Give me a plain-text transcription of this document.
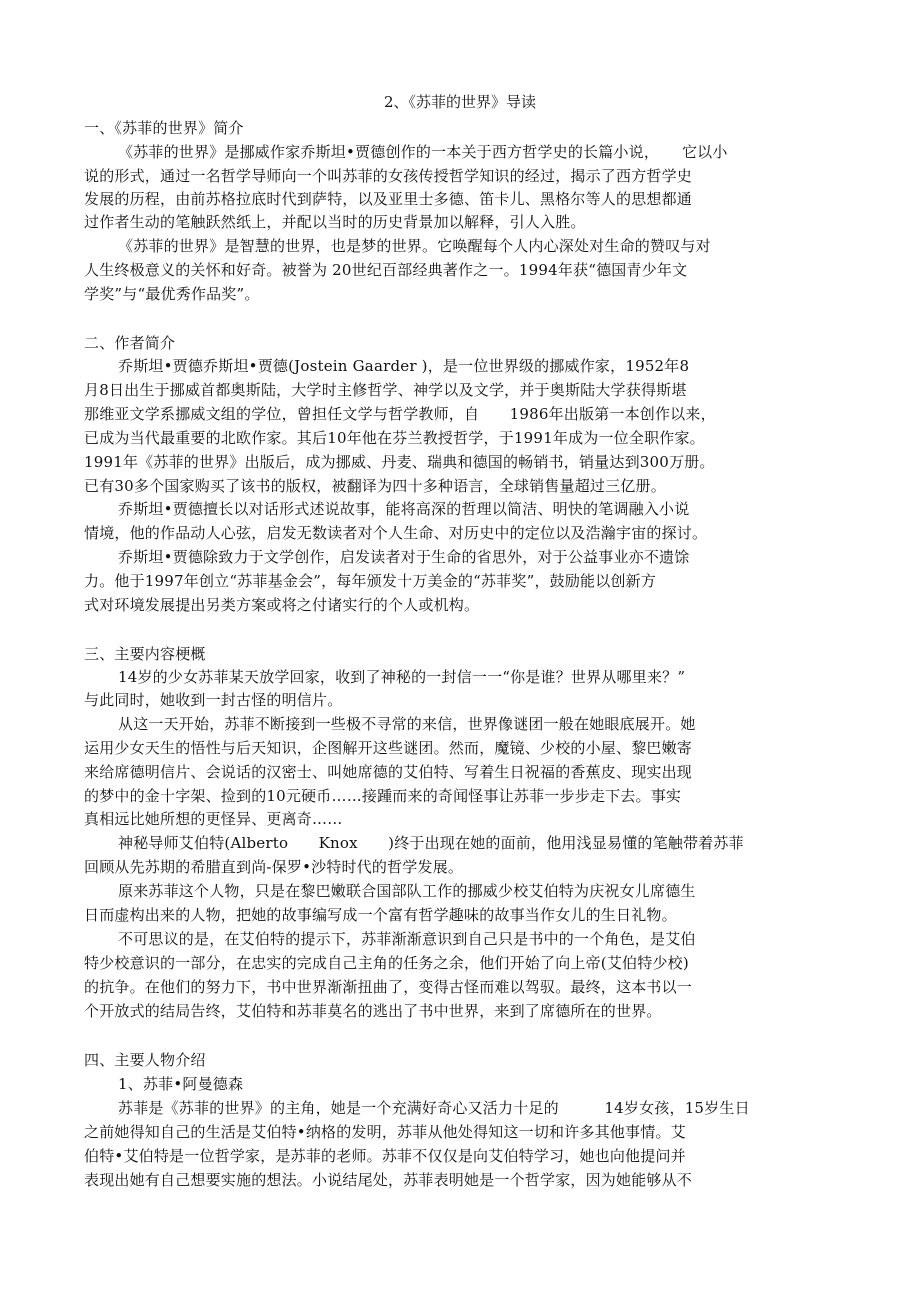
2、《苏菲的世界》导读
一、《苏菲的世界》简介
《苏菲的世界》是挪威作家乔斯坦•贾德创作的一本关于西方哲学史的长篇小说，　　它以小
说的形式，通过一名哲学导师向一个叫苏菲的女孩传授哲学知识的经过，揭示了西方哲学史
发展的历程，由前苏格拉底时代到萨特，以及亚里士多德、笛卡儿、黑格尔等人的思想都通
过作者生动的笔触跃然纸上，并配以当时的历史背景加以解释，引人入胜。
《苏菲的世界》是智慧的世界，也是梦的世界。它唤醒每个人内心深处对生命的赞叹与对
人生终极意义的关怀和好奇。被誉为 20世纪百部经典著作之一。1994年获“德国青少年文
学奖”与“最优秀作品奖”。
二、作者简介
乔斯坦•贾德乔斯坦•贾德(Jostein Gaarder )，是一位世界级的挪威作家，1952年8
月8日出生于挪威首都奥斯陆，大学时主修哲学、神学以及文学，并于奥斯陆大学获得斯堪
那维亚文学系挪威文组的学位，曾担任文学与哲学教师，自　　1986年出版第一本创作以来，
已成为当代最重要的北欧作家。其后10年他在芬兰教授哲学，于1991年成为一位全职作家。
1991年《苏菲的世界》出版后，成为挪威、丹麦、瑞典和德国的畅销书，销量达到300万册。
已有30多个国家购买了该书的版权，被翻译为四十多种语言，全球销售量超过三亿册。
乔斯坦•贾德擅长以对话形式述说故事，能将高深的哲理以简洁、明快的笔调融入小说
情境，他的作品动人心弦，启发无数读者对个人生命、对历史中的定位以及浩瀚宇宙的探讨。
乔斯坦•贾德除致力于文学创作，启发读者对于生命的省思外，对于公益事业亦不遗馀
力。他于1997年创立“苏菲基金会”，每年颁发十万美金的“苏菲奖”，鼓励能以创新方
式对环境发展提出另类方案或将之付诸实行的个人或机构。
三、主要内容梗概
14岁的少女苏菲某天放学回家，收到了神秘的一封信一一“你是谁？世界从哪里来？”
与此同时，她收到一封古怪的明信片。
从这一天开始，苏菲不断接到一些极不寻常的来信，世界像谜团一般在她眼底展开。她
运用少女天生的悟性与后天知识，企图解开这些谜团。然而，魔镜、少校的小屋、黎巴嫩寄
来给席德明信片、会说话的汉密士、叫她席德的艾伯特、写着生日祝福的香蕉皮、现实出现
的梦中的金十字架、捡到的10元硬币……接踵而来的奇闻怪事让苏菲一步步走下去。事实
真相远比她所想的更怪异、更离奇……
神秘导师艾伯特(Alberto　　Knox　　)终于出现在她的面前，他用浅显易懂的笔触带着苏菲
回顾从先苏期的希腊直到尚-保罗•沙特时代的哲学发展。
原来苏菲这个人物，只是在黎巴嫩联合国部队工作的挪威少校艾伯特为庆祝女儿席德生
日而虚构出来的人物，把她的故事编写成一个富有哲学趣味的故事当作女儿的生日礼物。
不可思议的是，在艾伯特的提示下，苏菲渐渐意识到自己只是书中的一个角色，是艾伯
特少校意识的一部分，在忠实的完成自己主角的任务之余，他们开始了向上帝(艾伯特少校)
的抗争。在他们的努力下，书中世界渐渐扭曲了，变得古怪而难以驾驭。最终，这本书以一
个开放式的结局告终，艾伯特和苏菲莫名的逃出了书中世界，来到了席德所在的世界。
四、主要人物介绍
1、苏菲•阿曼德森
苏菲是《苏菲的世界》的主角，她是一个充满好奇心又活力十足的　　　14岁女孩，15岁生日
之前她得知自己的生活是艾伯特•纳格的发明，苏菲从他处得知这一切和许多其他事情。艾
伯特•艾伯特是一位哲学家，是苏菲的老师。苏菲不仅仅是向艾伯特学习，她也向他提问并
表现出她有自己想要实施的想法。小说结尾处，苏菲表明她是一个哲学家，因为她能够从不
